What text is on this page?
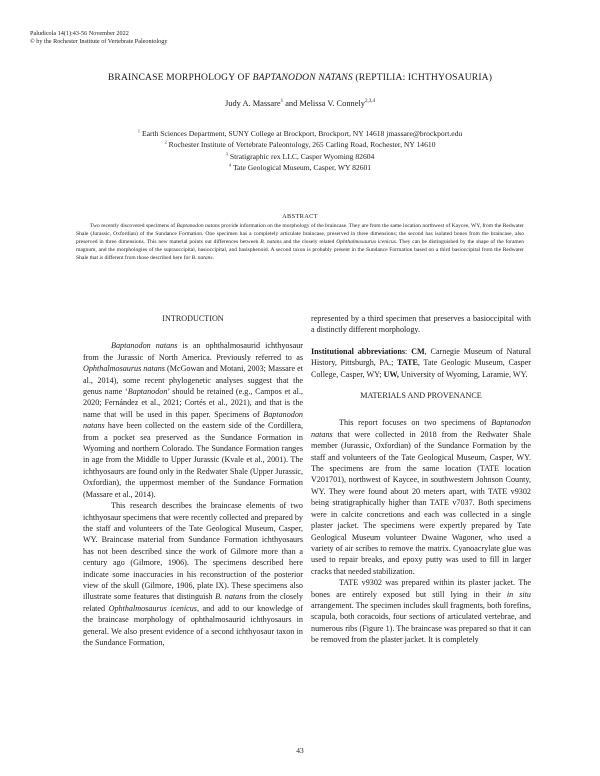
Paludicola 14(1):43-56 November 2022
© by the Rochester Institute of Vertebrate Paleontology
BRAINCASE MORPHOLOGY OF BAPTANODON NATANS (REPTILIA: ICHTHYOSAURIA)
Judy A. Massare$^1$ and Melissa V. Connely$^{2,3,4}$
$^1$ Earth Sciences Department, SUNY College at Brockport, Brockport, NY 14618 jmassare@brockport.edu
$^2$ Rochester Institute of Vertebrate Paleontology, 265 Carling Road, Rochester, NY 14610
$^3$ Stratigraphic rex LLC, Casper Wyoming 82604
$^4$ Tate Geological Museum, Casper, WY 82601
ABSTRACT
Two recently discovered specimens of Baptanodon natans provide information on the morphology of the braincase. They are from the same location northwest of Kaycee, WY, from the Redwater Shale (Jurassic, Oxfordian) of the Sundance Formation. One specimen has a completely articulate braincase, preserved in three dimensions; the second has isolated bones from the braincase, also preserved in three dimensions. This new material points out differences between B. natans and the closely related Ophthalmosaurus icenicus. They can be distinguished by the shape of the foramen magnum, and the morphologies of the supraoccipital, basioccipital, and basisphenoid. A second taxon is probably present in the Sundance Formation based on a third basioccipital from the Redwater Shale that is different from those described here for B. natans.
INTRODUCTION

Baptanodon natans is an ophthalmosaurid ichthyosaur from the Jurassic of North America. Previously referred to as Ophthalmosaurus natans (McGowan and Motani, 2003; Massare et al., 2014), some recent phylogenetic analyses suggest that the genus name ‘Baptanodon’ should be retained (e.g., Campos et al., 2020; Fernández et al., 2021; Cortés et al., 2021), and that is the name that will be used in this paper. Specimens of Baptanodon natans have been collected on the eastern side of the Cordillera, from a pocket sea preserved as the Sundance Formation in Wyoming and northern Colorado. The Sundance Formation ranges in age from the Middle to Upper Jurassic (Kvale et al., 2001). The ichthyosaurs are found only in the Redwater Shale (Upper Jurassic, Oxfordian), the uppermost member of the Sundance Formation (Massare et al., 2014).

This research describes the braincase elements of two ichthyosaur specimens that were recently collected and prepared by the staff and volunteers of the Tate Geological Museum, Casper, WY. Braincase material from Sundance Formation ichthyosaurs has not been described since the work of Gilmore more than a century ago (Gilmore, 1906). The specimens described here indicate some inaccuracies in his reconstruction of the posterior view of the skull (Gilmore, 1906, plate IX). These specimens also illustrate some features that distinguish B. natans from the closely related Ophthalmosaurus icenicus, and add to our knowledge of the braincase morphology of ophthalmosaurid ichthyosaurs in general. We also present evidence of a second ichthyosaur taxon in the Sundance Formation,

represented by a third specimen that preserves a basioccipital with a distinctly different morphology.

Institutional abbreviations: CM, Carnegie Museum of Natural History, Pittsburgh, PA.; TATE, Tate Geologic Museum, Casper College, Casper, WY; UW, University of Wyoming, Laramie, WY.

MATERIALS AND PROVENANCE

This report focuses on two specimens of Baptanodon natans that were collected in 2018 from the Redwater Shale member (Jurassic, Oxfordian) of the Sundance Formation by the staff and volunteers of the Tate Geological Museum, Casper, WY. The specimens are from the same location (TATE location V201701), northwest of Kaycee, in southwestern Johnson County, WY. They were found about 20 meters apart, with TATE v9302 being stratigraphically higher than TATE v7037. Both specimens were in calcite concretions and each was collected in a single plaster jacket. The specimens were expertly prepared by Tate Geological Museum volunteer Dwaine Wagoner, who used a variety of air scribes to remove the matrix. Cyanoacrylate glue was used to repair breaks, and epoxy putty was used to fill in larger cracks that needed stabilization.

TATE v9302 was prepared within its plaster jacket. The bones are entirely exposed but still lying in their in situ arrangement. The specimen includes skull fragments, both forefins, scapula, both coracoids, four sections of articulated vertebrae, and numerous ribs (Figure 1). The braincase was prepared so that it can be removed from the plaster jacket. It is completely

43
